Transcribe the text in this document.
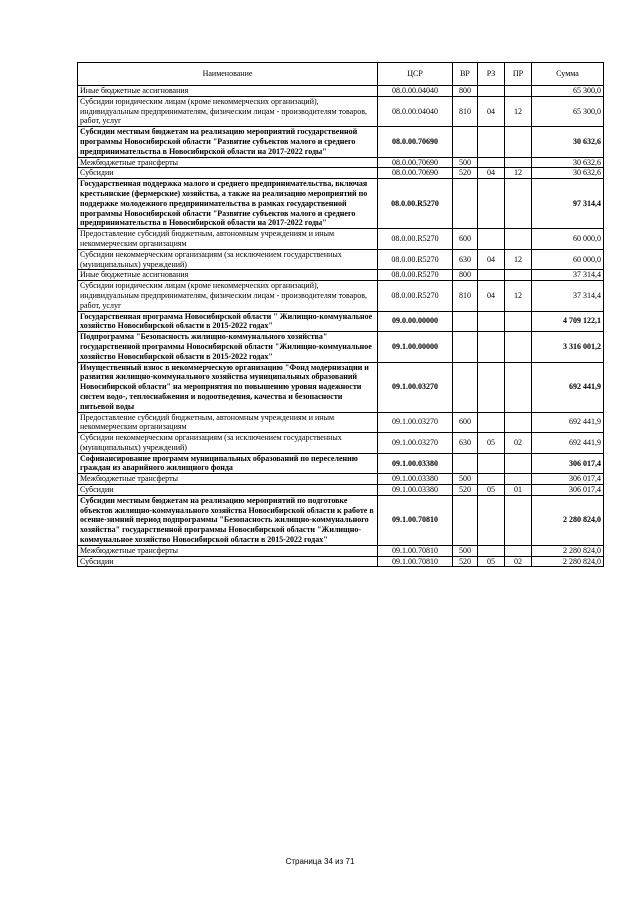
Наименование	ЦСР	ВР	РЗ	ПР	Сумма
Иные бюджетные ассигнования	08.0.00.04040	800			65 300,0
Субсидии юридическим лицам (кроме некоммерческих организаций), индивидуальным предпринимателям, физическим лицам - производителям товаров, работ, услуг	08.0.00.04040	810	04	12	65 300,0
Субсидии местным бюджетам на реализацию мероприятий государственной программы Новосибирской области "Развитие субъектов малого и среднего предпринимательства в Новосибирской области на 2017-2022 годы"	08.0.00.70690				30 632,6
Межбюджетные трансферты	08.0.00.70690	500			30 632,6
Субсидии	08.0.00.70690	520	04	12	30 632,6
Государственная поддержка малого и среднего предпринимательства, включая крестьянские (фермерские) хозяйства, а также на реализацию мероприятий по поддержке молодежного предпринимательства в рамках государственной программы Новосибирской области "Развитие субъектов малого и среднего предпринимательства в Новосибирской области на 2017-2022 годы"	08.0.00.R5270				97 314,4
Предоставление субсидий бюджетным, автономным учреждениям и иным некоммерческим организациям	08.0.00.R5270	600			60 000,0
Субсидии некоммерческим организациям (за исключением государственных (муниципальных) учреждений)	08.0.00.R5270	630	04	12	60 000,0
Иные бюджетные ассигнования	08.0.00.R5270	800			37 314,4
Субсидии юридическим лицам (кроме некоммерческих организаций), индивидуальным предпринимателям, физическим лицам - производителям товаров, работ, услуг	08.0.00.R5270	810	04	12	37 314,4
Государственная программа Новосибирской области " Жилищно-коммунальное хозяйство Новосибирской области в 2015-2022 годах"	09.0.00.00000				4 709 122,1
Подпрограмма "Безопасность жилищно-коммунального хозяйства" государственной программы Новосибирской области "Жилищно-коммунальное хозяйство Новосибирской области в 2015-2022 годах"	09.1.00.00000				3 316 001,2
Имущественный взнос в некоммерческую организацию "Фонд модернизации и развития жилищно-коммунального хозяйства муниципальных образований Новосибирской области" на мероприятия по повышению уровня надежности систем водо-, теплоснабжения и водоотведения, качества и безопасности питьевой воды	09.1.00.03270				692 441,9
Предоставление субсидий бюджетным, автономным учреждениям и иным некоммерческим организациям	09.1.00.03270	600			692 441,9
Субсидии некоммерческим организациям (за исключением государственных (муниципальных) учреждений)	09.1.00.03270	630	05	02	692 441,9
Софинансирование программ муниципальных образований по переселению граждан из аварийного жилищного фонда	09.1.00.03380				306 017,4
Межбюджетные трансферты	09.1.00.03380	500			306 017,4
Субсидии	09.1.00.03380	520	05	01	306 017,4
Субсидии местным бюджетам на реализацию мероприятий по подготовке объектов жилищно-коммунального хозяйства Новосибирской области к работе в осенне-зимний период подпрограммы "Безопасность жилищно-коммунального хозяйства" государственной программы Новосибирской области "Жилищно-коммунальное хозяйство Новосибирской области в 2015-2022 годах"	09.1.00.70810				2 280 824,0
Межбюджетные трансферты	09.1.00.70810	500			2 280 824,0
Субсидии	09.1.00.70810	520	05	02	2 280 824,0
Страница 34 из 71
